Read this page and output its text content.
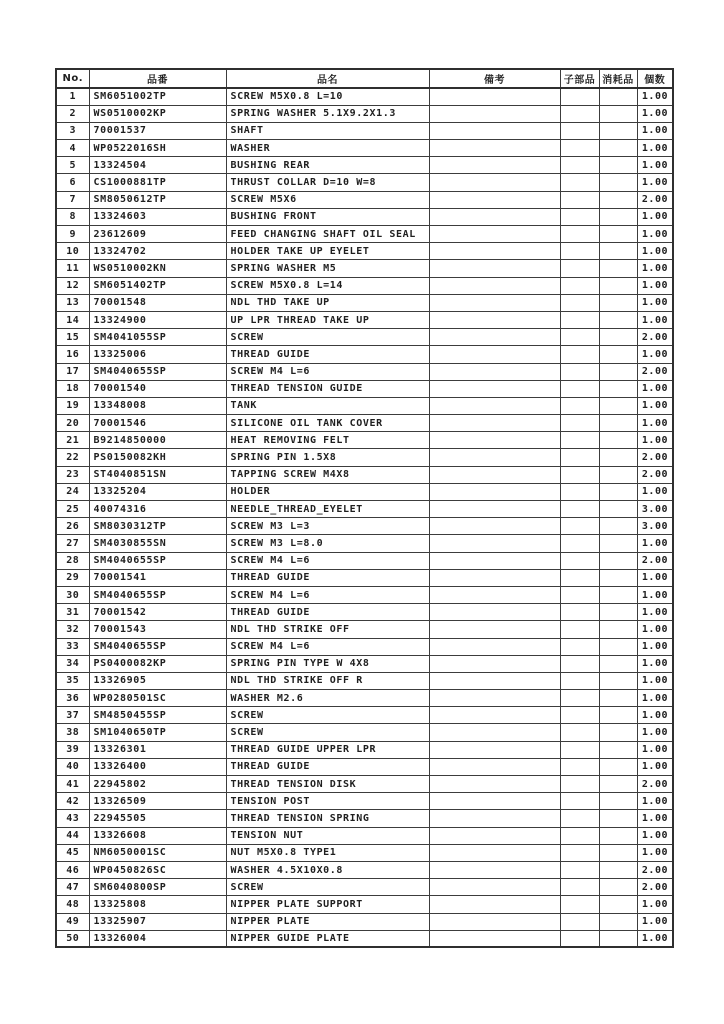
No.	品番	品名	備考	子部品	消耗品	個数
1	SM6051002TP	SCREW M5X0.8 L=10				1.00
2	WS0510002KP	SPRING WASHER 5.1X9.2X1.3				1.00
3	70001537	SHAFT				1.00
4	WP0522016SH	WASHER				1.00
5	13324504	BUSHING REAR				1.00
6	CS1000881TP	THRUST COLLAR D=10 W=8				1.00
7	SM8050612TP	SCREW M5X6				2.00
8	13324603	BUSHING FRONT				1.00
9	23612609	FEED CHANGING SHAFT OIL SEAL				1.00
10	13324702	HOLDER TAKE UP EYELET				1.00
11	WS0510002KN	SPRING WASHER M5				1.00
12	SM6051402TP	SCREW M5X0.8 L=14				1.00
13	70001548	NDL THD TAKE UP				1.00
14	13324900	UP LPR THREAD TAKE UP				1.00
15	SM4041055SP	SCREW				2.00
16	13325006	THREAD GUIDE				1.00
17	SM4040655SP	SCREW M4 L=6				2.00
18	70001540	THREAD TENSION GUIDE				1.00
19	13348008	TANK				1.00
20	70001546	SILICONE OIL TANK COVER				1.00
21	B9214850000	HEAT REMOVING FELT				1.00
22	PS0150082KH	SPRING PIN 1.5X8				2.00
23	ST4040851SN	TAPPING SCREW M4X8				2.00
24	13325204	HOLDER				1.00
25	40074316	NEEDLE_THREAD_EYELET				3.00
26	SM8030312TP	SCREW M3 L=3				3.00
27	SM4030855SN	SCREW M3 L=8.0				1.00
28	SM4040655SP	SCREW M4 L=6				2.00
29	70001541	THREAD GUIDE				1.00
30	SM4040655SP	SCREW M4 L=6				1.00
31	70001542	THREAD GUIDE				1.00
32	70001543	NDL THD STRIKE OFF				1.00
33	SM4040655SP	SCREW M4 L=6				1.00
34	PS0400082KP	SPRING PIN TYPE W 4X8				1.00
35	13326905	NDL THD STRIKE OFF R				1.00
36	WP0280501SC	WASHER M2.6				1.00
37	SM4850455SP	SCREW				1.00
38	SM1040650TP	SCREW				1.00
39	13326301	THREAD GUIDE UPPER LPR				1.00
40	13326400	THREAD GUIDE				1.00
41	22945802	THREAD TENSION DISK				2.00
42	13326509	TENSION POST				1.00
43	22945505	THREAD TENSION SPRING				1.00
44	13326608	TENSION NUT				1.00
45	NM6050001SC	NUT M5X0.8 TYPE1				1.00
46	WP0450826SC	WASHER 4.5X10X0.8				2.00
47	SM6040800SP	SCREW				2.00
48	13325808	NIPPER PLATE SUPPORT				1.00
49	13325907	NIPPER PLATE				1.00
50	13326004	NIPPER GUIDE PLATE				1.00
